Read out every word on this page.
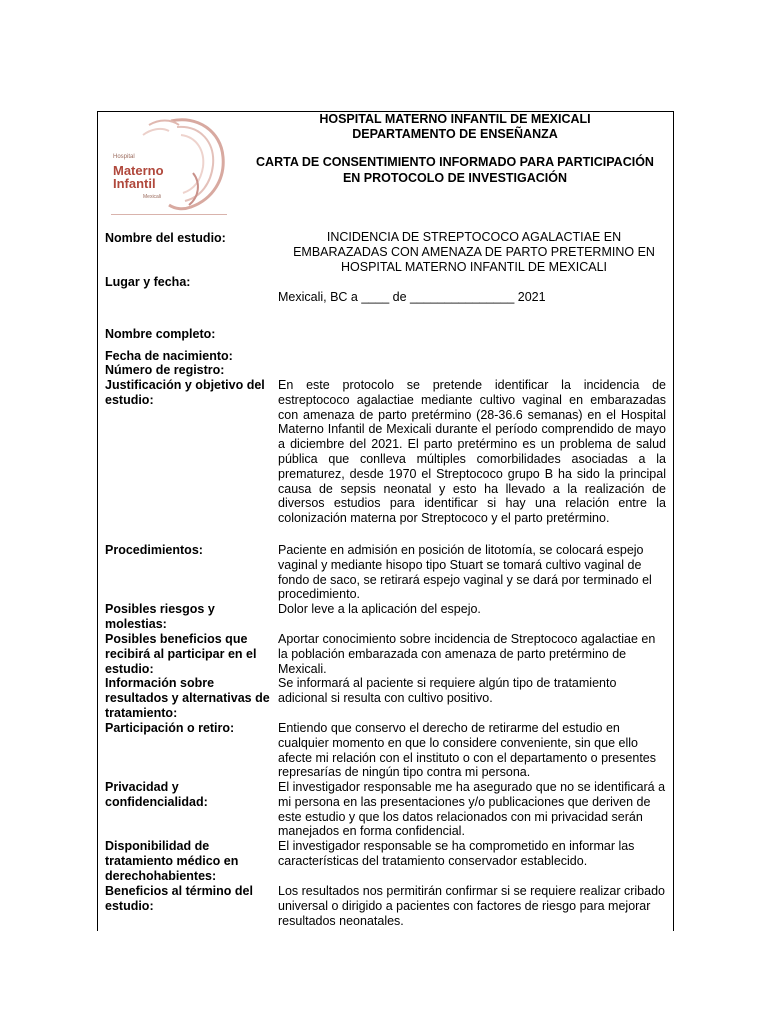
Hospital
Materno
Infantil
Mexicali
HOSPITAL MATERNO INFANTIL DE MEXICALI
DEPARTAMENTO DE ENSEÑANZA
CARTA DE CONSENTIMIENTO INFORMADO PARA PARTICIPACIÓN
EN PROTOCOLO DE INVESTIGACIÓN
Nombre del estudio:	INCIDENCIA DE STREPTOCOCO AGALACTIAE EN EMBARAZADAS CON AMENAZA DE PARTO PRETERMINO EN HOSPITAL MATERNO INFANTIL DE MEXICALI
Lugar y fecha:
Mexicali, BC a ____ de _______________ 2021
Nombre completo:
Fecha de nacimiento:
Número de registro:
Justificación y objetivo del estudio:
En este protocolo se pretende identificar la incidencia de estreptococo agalactiae mediante cultivo vaginal en embarazadas con amenaza de parto pretérmino (28-36.6 semanas) en el Hospital Materno Infantil de Mexicali durante el período comprendido de mayo a diciembre del 2021. El parto pretérmino es un problema de salud pública que conlleva múltiples comorbilidades asociadas a la prematurez, desde 1970 el Streptococo grupo B ha sido la principal causa de sepsis neonatal y esto ha llevado a la realización de diversos estudios para identificar si hay una relación entre la colonización materna por Streptococo y el parto pretérmino.
Procedimientos:	Paciente en admisión en posición de litotomía, se colocará espejo vaginal y mediante hisopo tipo Stuart se tomará cultivo vaginal de fondo de saco, se retirará espejo vaginal y se dará por terminado el procedimiento.
Posibles riesgos y molestias:
Dolor leve a la aplicación del espejo.
Posibles beneficios que recibirá al participar en el estudio:
Aportar conocimiento sobre incidencia de Streptococo agalactiae en la población embarazada con amenaza de parto pretérmino de Mexicali.
Información sobre resultados y alternativas de tratamiento:
Se informará al paciente si requiere algún tipo de tratamiento adicional si resulta con cultivo positivo.
Participación o retiro:	Entiendo que conservo el derecho de retirarme del estudio en cualquier momento en que lo considere conveniente, sin que ello afecte mi relación con el instituto o con el departamento o presentes represarías de ningún tipo contra mi persona.
Privacidad y confidencialidad:
El investigador responsable me ha asegurado que no se identificará a mi persona en las presentaciones y/o publicaciones que deriven de este estudio y que los datos relacionados con mi privacidad serán manejados en forma confidencial.
Disponibilidad de tratamiento médico en derechohabientes:
El investigador responsable se ha comprometido en informar las características del tratamiento conservador establecido.
Beneficios al término del estudio:
Los resultados nos permitirán confirmar si se requiere realizar cribado universal o dirigido a pacientes con factores de riesgo para mejorar resultados neonatales.
